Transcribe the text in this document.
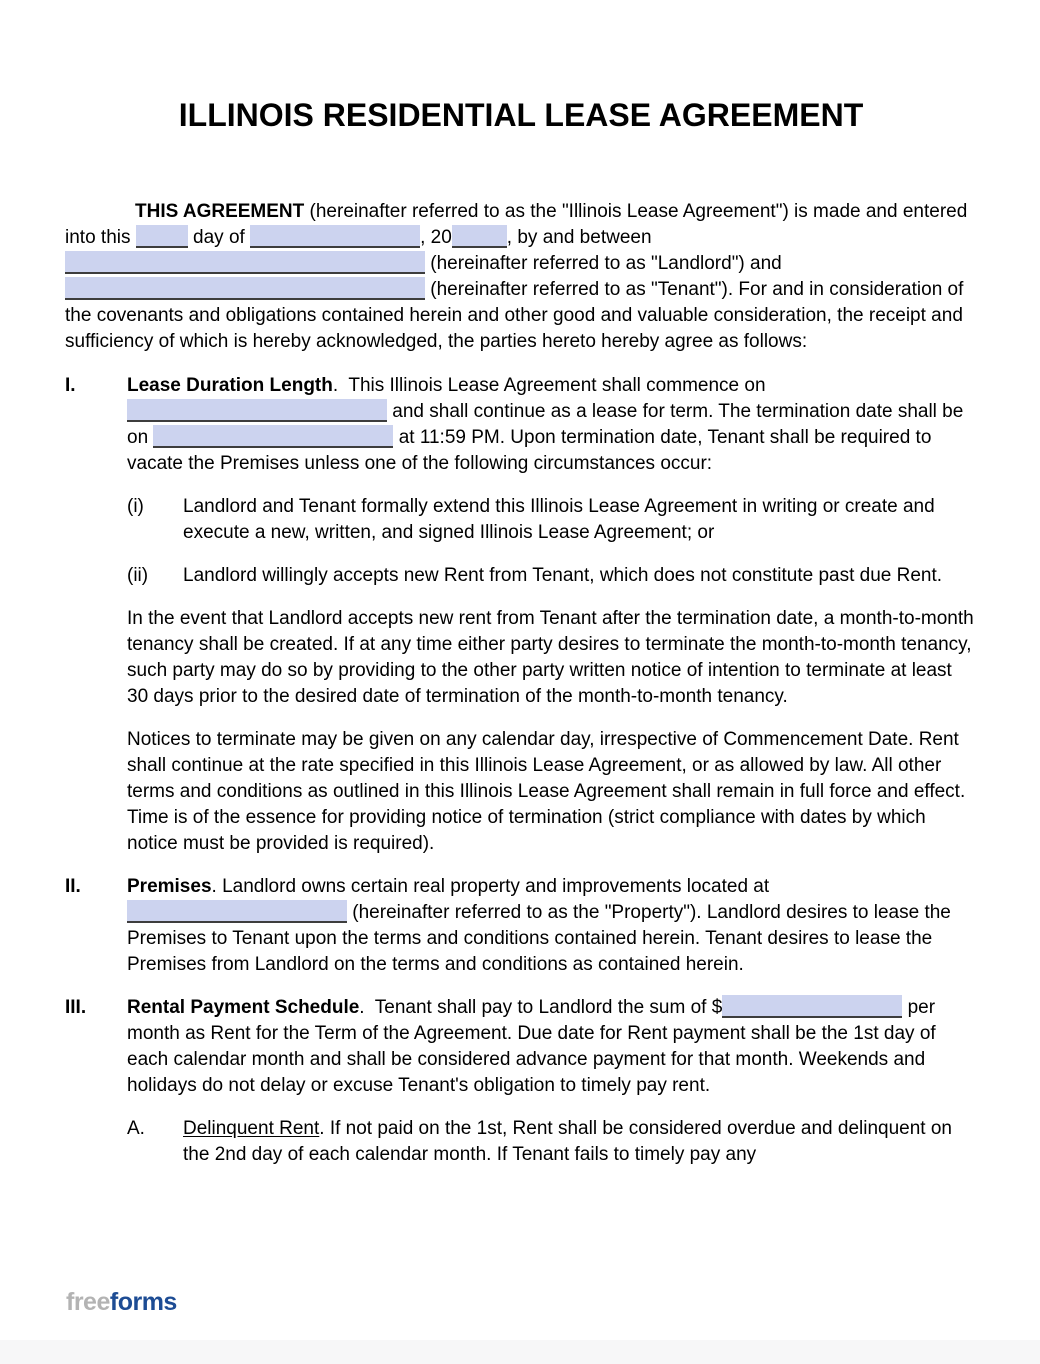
ILLINOIS RESIDENTIAL LEASE AGREEMENT

THIS AGREEMENT (hereinafter referred to as the "Illinois Lease Agreement") is made and entered into this	day of	, 20	, by and between  (hereinafter referred to as "Landlord") and  (hereinafter referred to as "Tenant"). For and in consideration of the covenants and obligations contained herein and other good and valuable consideration, the receipt and sufficiency of which is hereby acknowledged, the parties hereto hereby agree as follows:

I.	Lease Duration Length.  This Illinois Lease Agreement shall commence on  and shall continue as a lease for term. The termination date shall be on	at 11:59 PM. Upon termination date, Tenant shall be required to vacate the Premises unless one of the following circumstances occur:

(i) Landlord and Tenant formally extend this Illinois Lease Agreement in writing or create and execute a new, written, and signed Illinois Lease Agreement; or

(ii) Landlord willingly accepts new Rent from Tenant, which does not constitute past due Rent.

In the event that Landlord accepts new rent from Tenant after the termination date, a month-to-month tenancy shall be created. If at any time either party desires to terminate the month-to-month tenancy, such party may do so by providing to the other party written notice of intention to terminate at least 30 days prior to the desired date of termination of the month-to-month tenancy.

Notices to terminate may be given on any calendar day, irrespective of Commencement Date. Rent shall continue at the rate specified in this Illinois Lease Agreement, or as allowed by law. All other terms and conditions as outlined in this Illinois Lease Agreement shall remain in full force and effect. Time is of the essence for providing notice of termination (strict compliance with dates by which notice must be provided is required).

II. Premises. Landlord owns certain real property and improvements located at  (hereinafter referred to as the "Property"). Landlord desires to lease the Premises to Tenant upon the terms and conditions contained herein. Tenant desires to lease the Premises from Landlord on the terms and conditions as contained herein.

III. Rental Payment Schedule.  Tenant shall pay to Landlord the sum of $	per month as Rent for the Term of the Agreement. Due date for Rent payment shall be the 1st day of each calendar month and shall be considered advance payment for that month. Weekends and holidays do not delay or excuse Tenant's obligation to timely pay rent.

A. Delinquent Rent. If not paid on the 1st, Rent shall be considered overdue and delinquent on the 2nd day of each calendar month. If Tenant fails to timely pay any

freeforms
